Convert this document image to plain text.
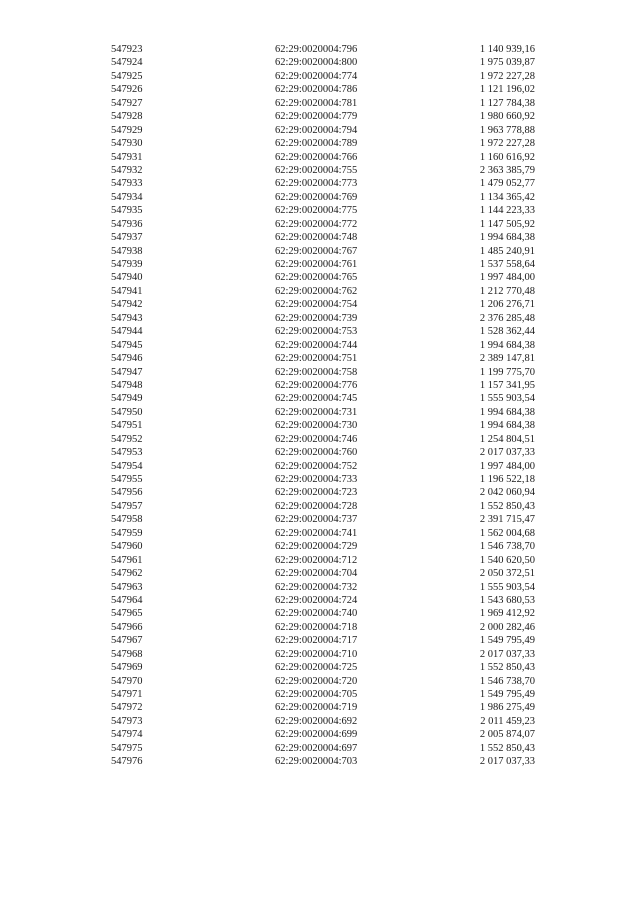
547923	62:29:0020004:796	1 140 939,16
547924	62:29:0020004:800	1 975 039,87
547925	62:29:0020004:774	1 972 227,28
547926	62:29:0020004:786	1 121 196,02
547927	62:29:0020004:781	1 127 784,38
547928	62:29:0020004:779	1 980 660,92
547929	62:29:0020004:794	1 963 778,88
547930	62:29:0020004:789	1 972 227,28
547931	62:29:0020004:766	1 160 616,92
547932	62:29:0020004:755	2 363 385,79
547933	62:29:0020004:773	1 479 052,77
547934	62:29:0020004:769	1 134 365,42
547935	62:29:0020004:775	1 144 223,33
547936	62:29:0020004:772	1 147 505,92
547937	62:29:0020004:748	1 994 684,38
547938	62:29:0020004:767	1 485 240,91
547939	62:29:0020004:761	1 537 558,64
547940	62:29:0020004:765	1 997 484,00
547941	62:29:0020004:762	1 212 770,48
547942	62:29:0020004:754	1 206 276,71
547943	62:29:0020004:739	2 376 285,48
547944	62:29:0020004:753	1 528 362,44
547945	62:29:0020004:744	1 994 684,38
547946	62:29:0020004:751	2 389 147,81
547947	62:29:0020004:758	1 199 775,70
547948	62:29:0020004:776	1 157 341,95
547949	62:29:0020004:745	1 555 903,54
547950	62:29:0020004:731	1 994 684,38
547951	62:29:0020004:730	1 994 684,38
547952	62:29:0020004:746	1 254 804,51
547953	62:29:0020004:760	2 017 037,33
547954	62:29:0020004:752	1 997 484,00
547955	62:29:0020004:733	1 196 522,18
547956	62:29:0020004:723	2 042 060,94
547957	62:29:0020004:728	1 552 850,43
547958	62:29:0020004:737	2 391 715,47
547959	62:29:0020004:741	1 562 004,68
547960	62:29:0020004:729	1 546 738,70
547961	62:29:0020004:712	1 540 620,50
547962	62:29:0020004:704	2 050 372,51
547963	62:29:0020004:732	1 555 903,54
547964	62:29:0020004:724	1 543 680,53
547965	62:29:0020004:740	1 969 412,92
547966	62:29:0020004:718	2 000 282,46
547967	62:29:0020004:717	1 549 795,49
547968	62:29:0020004:710	2 017 037,33
547969	62:29:0020004:725	1 552 850,43
547970	62:29:0020004:720	1 546 738,70
547971	62:29:0020004:705	1 549 795,49
547972	62:29:0020004:719	1 986 275,49
547973	62:29:0020004:692	2 011 459,23
547974	62:29:0020004:699	2 005 874,07
547975	62:29:0020004:697	1 552 850,43
547976	62:29:0020004:703	2 017 037,33
